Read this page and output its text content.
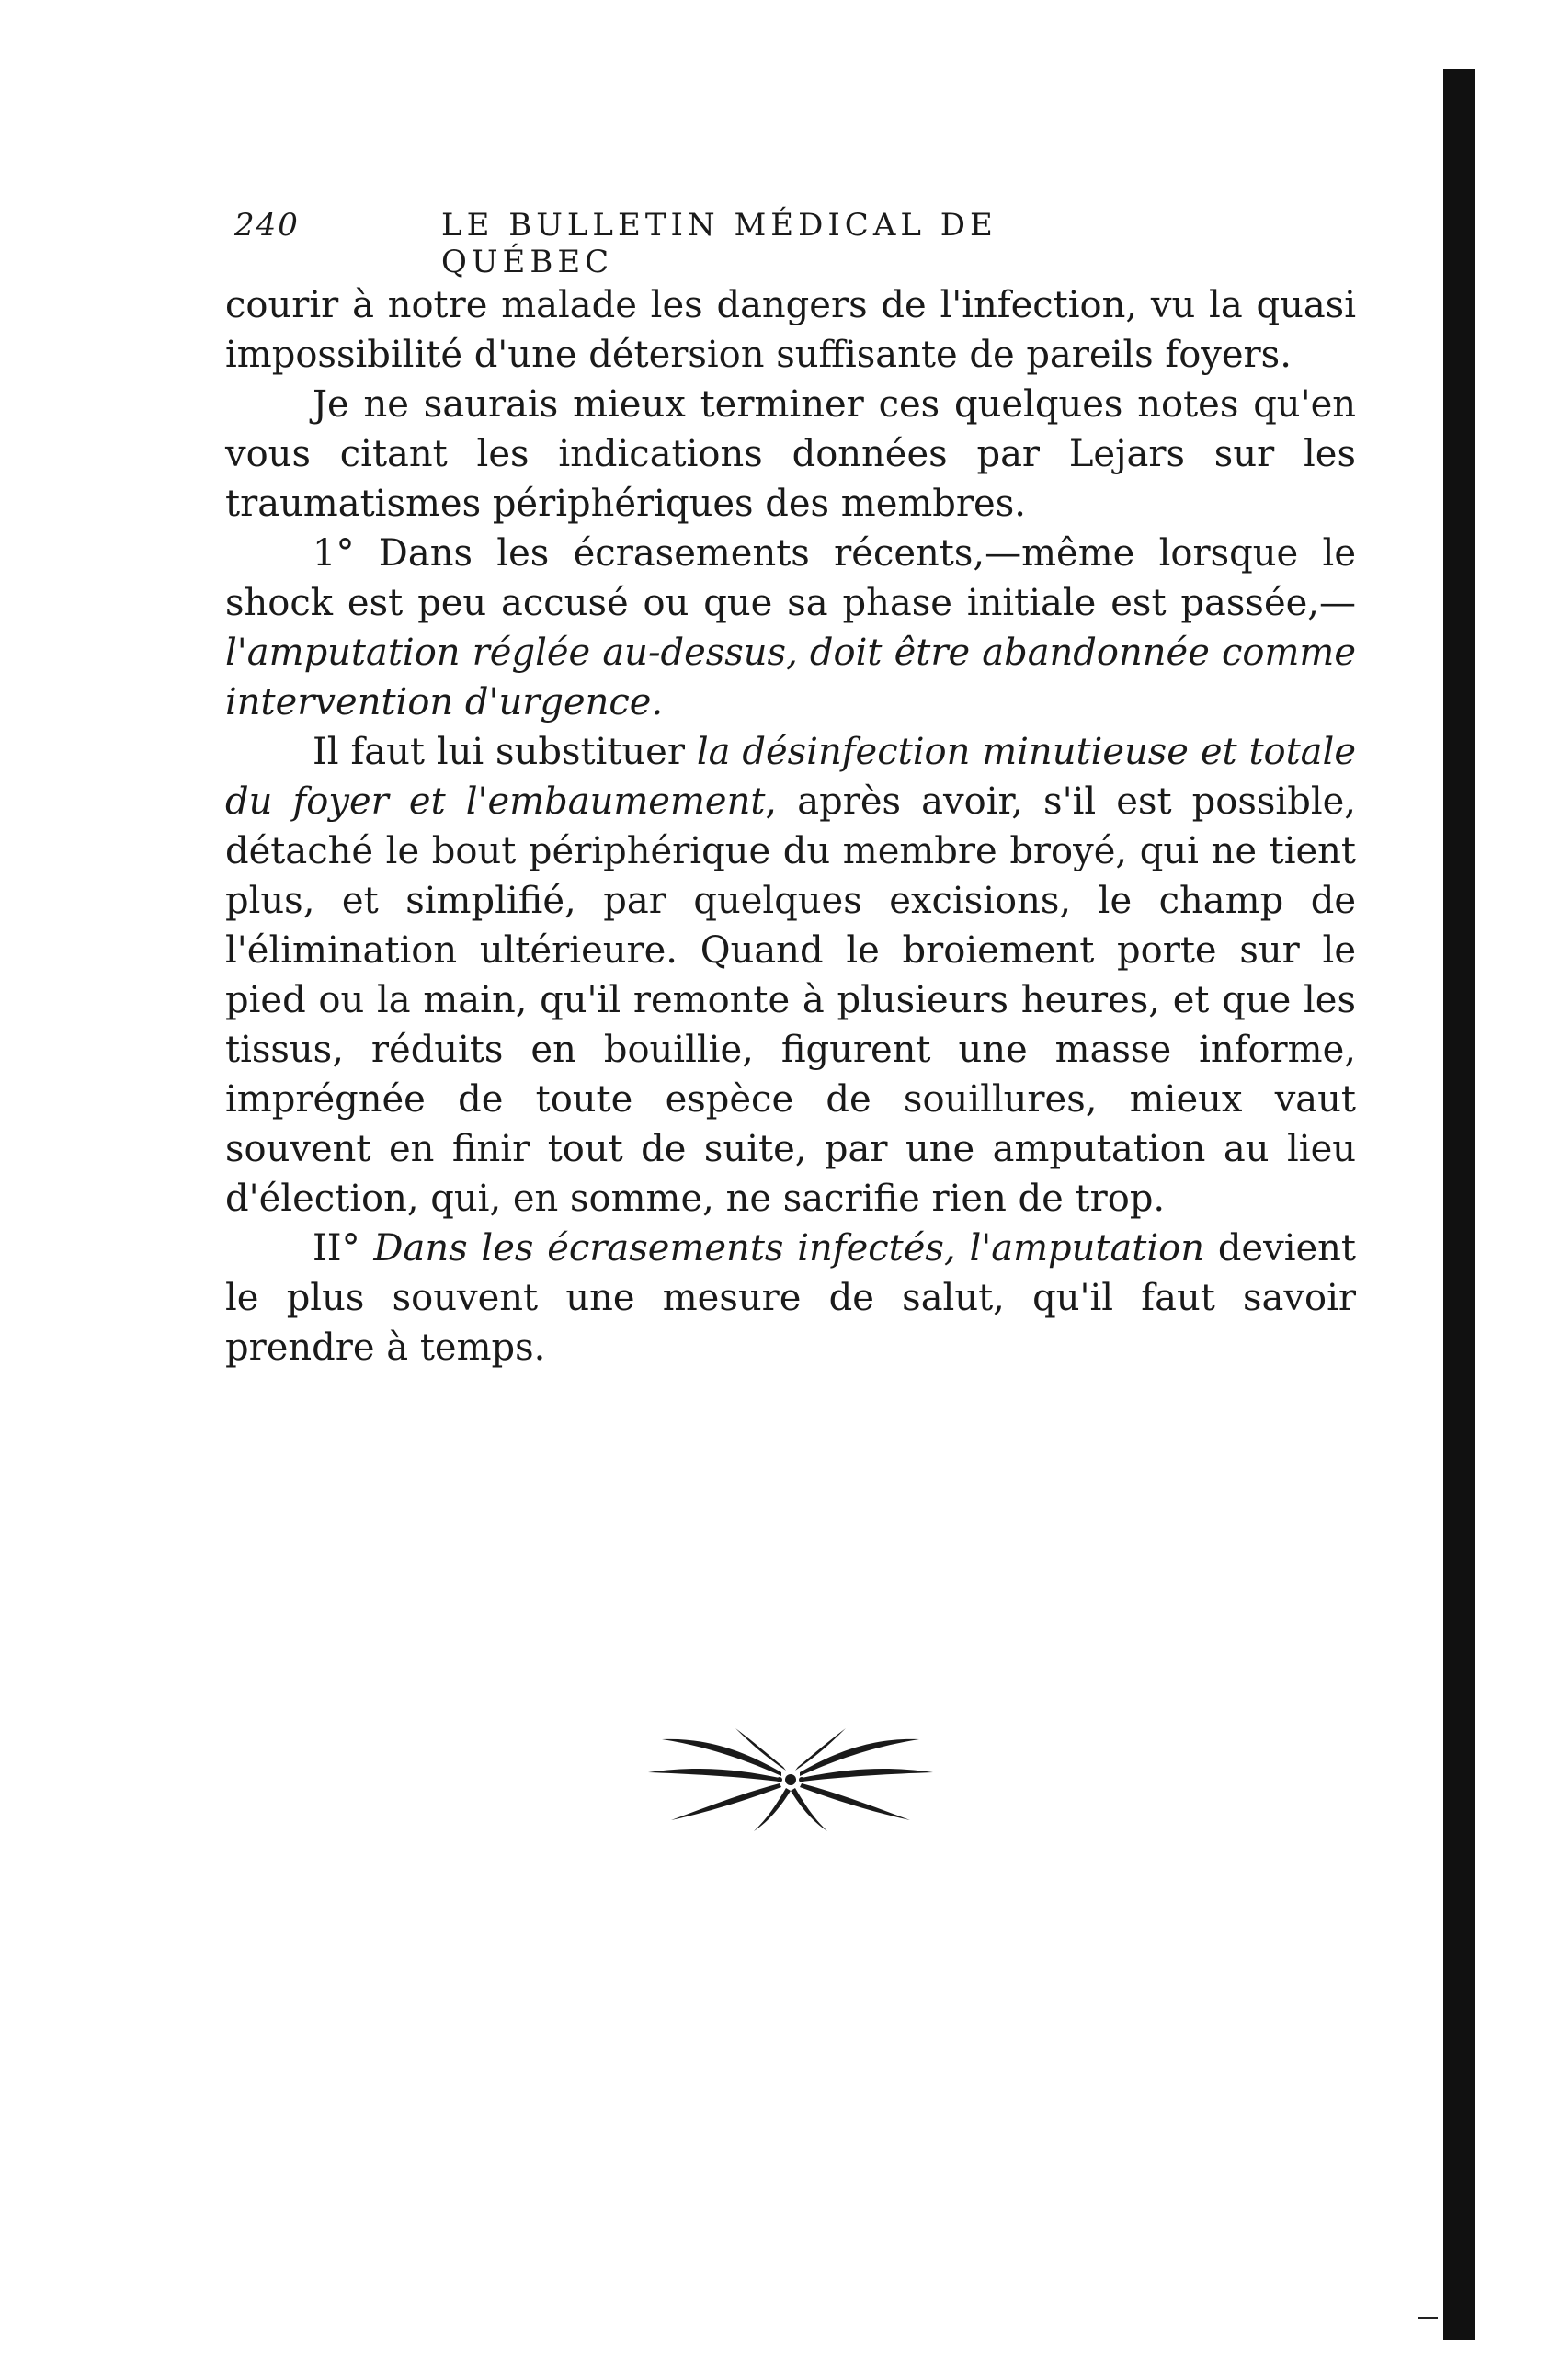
240	LE BULLETIN MÉDICAL DE QUÉBEC

courir à notre malade les dangers de l'infection, vu la quasi impossibilité d'une détersion suffisante de pareils foyers.

Je ne saurais mieux terminer ces quelques notes qu'en vous citant les indications données par Lejars sur les traumatismes périphériques des membres.

1° Dans les écrasements récents,—même lorsque le shock est peu accusé ou que sa phase initiale est passée,— l'amputation réglée au-dessus, doit être abandonnée comme intervention d'urgence.

Il faut lui substituer la désinfection minutieuse et totale du foyer et l'embaumement, après avoir, s'il est possible, détaché le bout périphérique du membre broyé, qui ne tient plus, et simplifié, par quelques excisions, le champ de l'élimination ultérieure. Quand le broiement porte sur le pied ou la main, qu'il remonte à plusieurs heures, et que les tissus, réduits en bouillie, figurent une masse informe, imprégnée de toute espèce de souillures, mieux vaut souvent en finir tout de suite, par une amputation au lieu d'élection, qui, en somme, ne sacrifie rien de trop.

II° Dans les écrasements infectés, l'amputation devient le plus souvent une mesure de salut, qu'il faut savoir prendre à temps.
